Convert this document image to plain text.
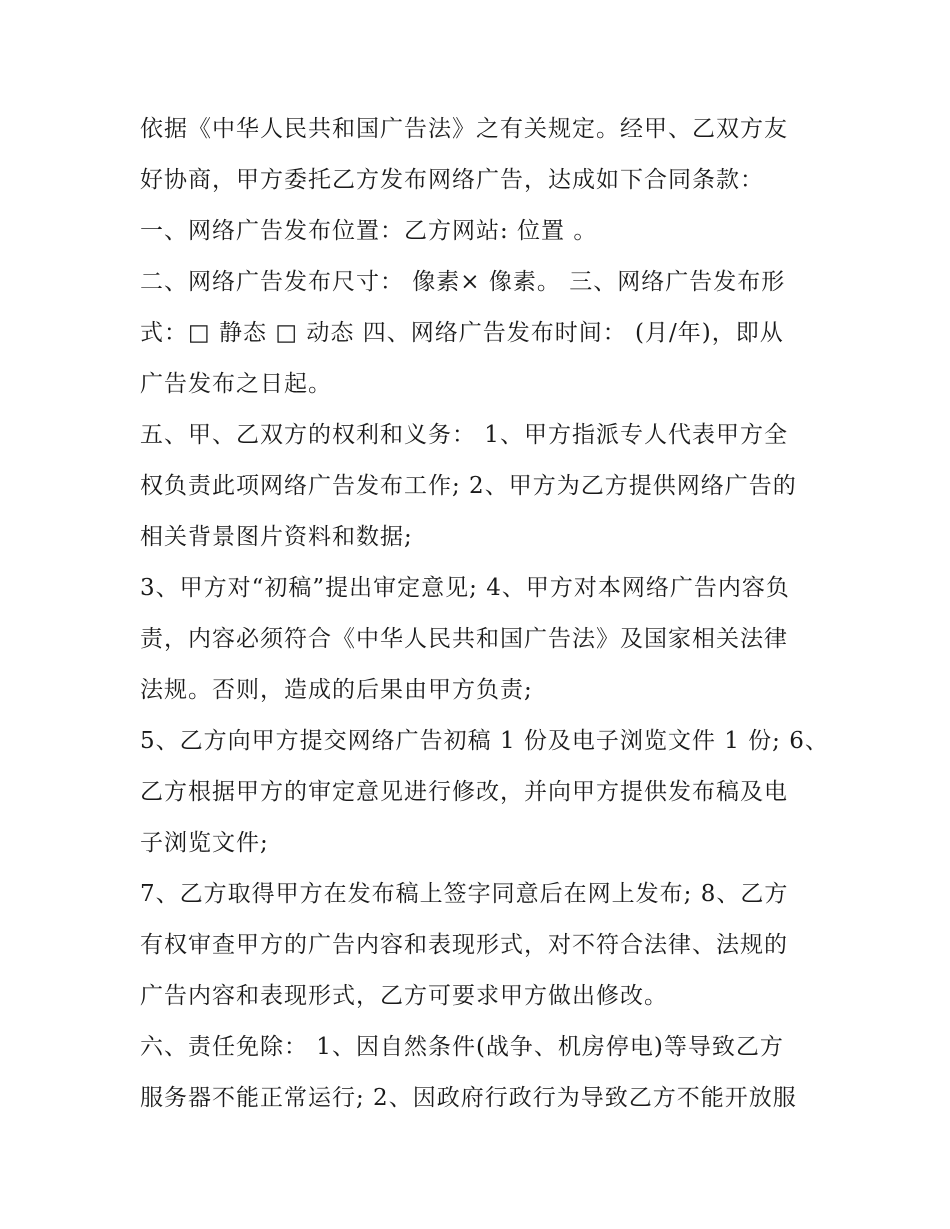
依据《中华人民共和国广告法》之有关规定。经甲、乙双方友
好协商，甲方委托乙方发布网络广告，达成如下合同条款：
一、网络广告发布位置：乙方网站: 位置 。
二、网络广告发布尺寸： 像素× 像素。 三、网络广告发布形
式：□ 静态 □ 动态 四、网络广告发布时间： (月/年)，即从
广告发布之日起。
五、甲、乙双方的权利和义务： 1、甲方指派专人代表甲方全
权负责此项网络广告发布工作; 2、甲方为乙方提供网络广告的
相关背景图片资料和数据;
3、甲方对“初稿”提出审定意见; 4、甲方对本网络广告内容负
责，内容必须符合《中华人民共和国广告法》及国家相关法律
法规。否则，造成的后果由甲方负责;
5、乙方向甲方提交网络广告初稿 1 份及电子浏览文件 1 份; 6、
乙方根据甲方的审定意见进行修改，并向甲方提供发布稿及电
子浏览文件;
7、乙方取得甲方在发布稿上签字同意后在网上发布; 8、乙方
有权审查甲方的广告内容和表现形式，对不符合法律、法规的
广告内容和表现形式，乙方可要求甲方做出修改。
六、责任免除： 1、因自然条件(战争、机房停电)等导致乙方
服务器不能正常运行; 2、因政府行政行为导致乙方不能开放服
